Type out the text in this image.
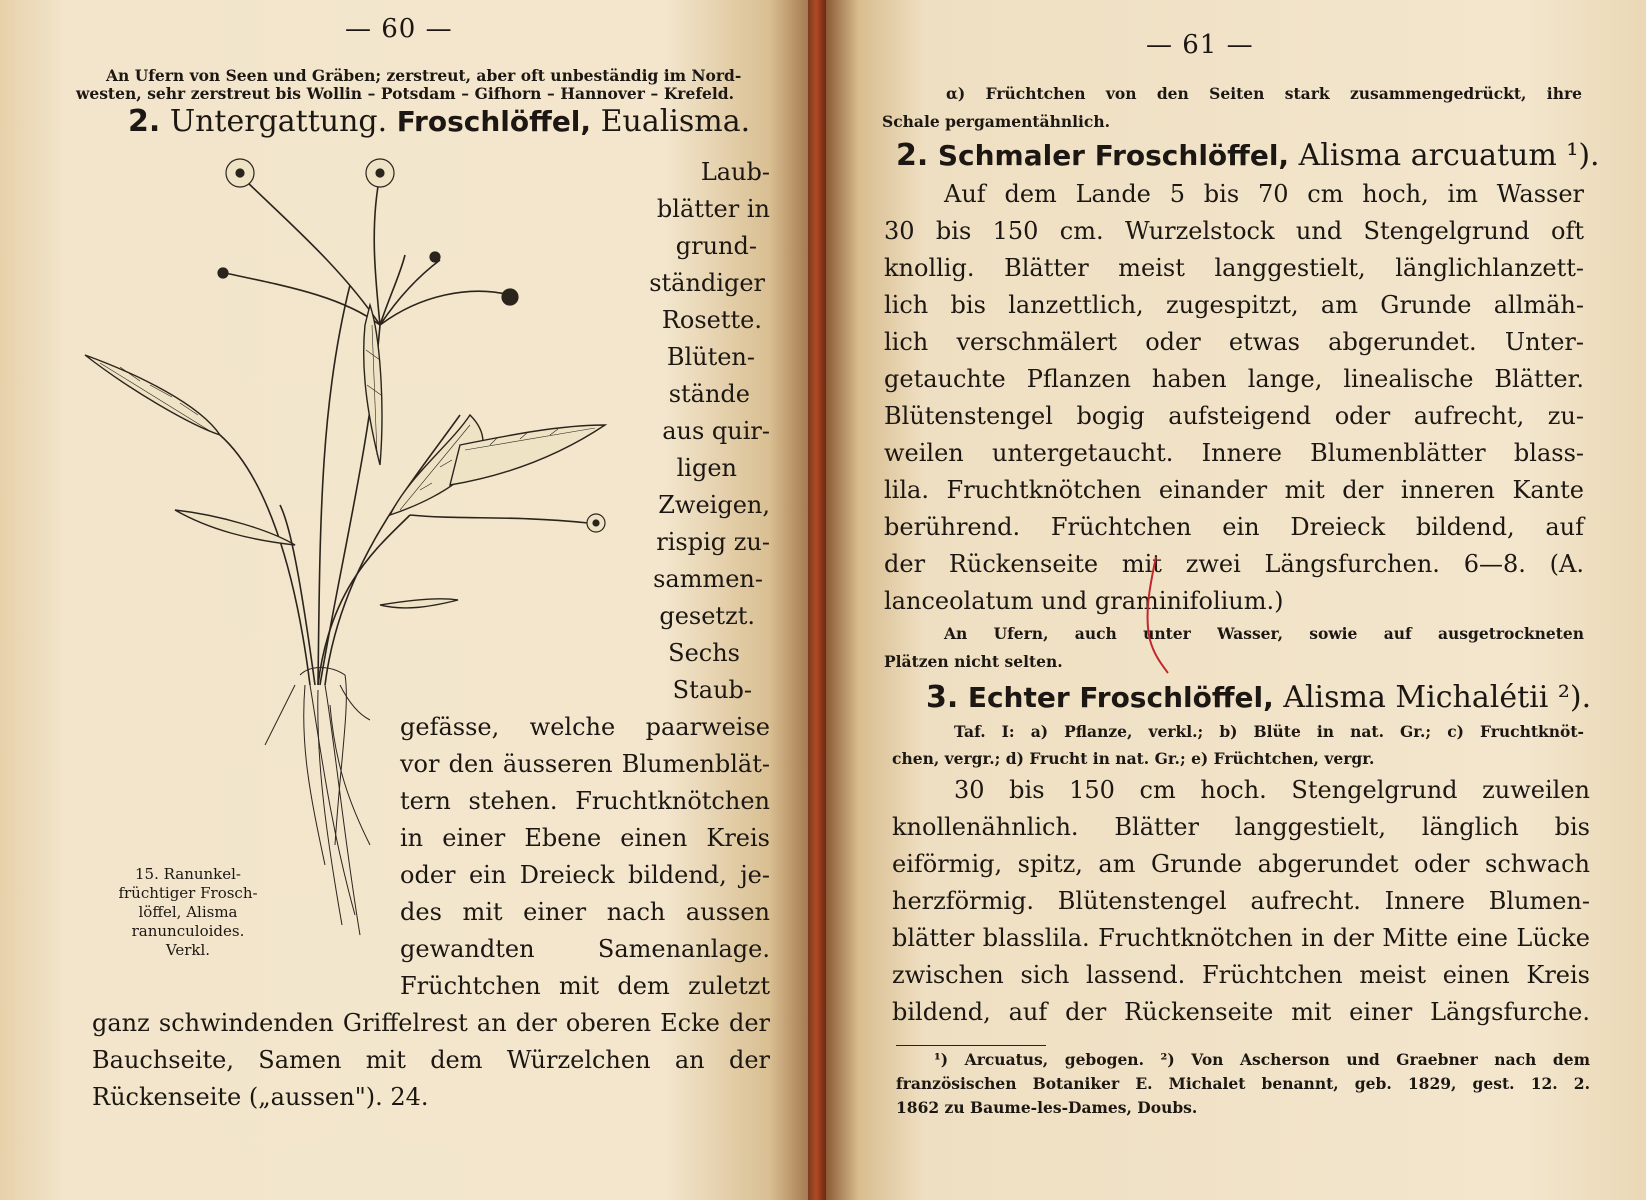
— 60 —
An Ufern von Seen und Gräben; zerstreut, aber oft unbeständig im Nord-
westen, sehr zerstreut bis Wollin – Potsdam – Gifhorn – Hannover – Krefeld.
2. Untergattung. Froschlöffel, Eualisma.
15. Ranunkel-
früchtiger Frosch-
löffel, Alisma
ranunculoides.
Verkl.
Laub-
blätter in
grund-
ständiger
Rosette.
Blüten-
stände
aus quir-
ligen
Zweigen,
rispig zu-
sammen-
gesetzt.
Sechs
Staub-
gefässe, welche paarweise
vor den äusseren Blumenblät-
tern stehen. Fruchtknötchen
in einer Ebene einen Kreis
oder ein Dreieck bildend, je-
des mit einer nach aussen
gewandten Samenanlage.
Früchtchen mit dem zuletzt
ganz schwindenden Griffelrest an der oberen Ecke der
Bauchseite, Samen mit dem Würzelchen an der
Rückenseite („aussen"). 24.
— 61 —
α) Früchtchen von den Seiten stark zusammengedrückt, ihre
Schale pergamentähnlich.
2. Schmaler Froschlöffel, Alisma arcuatum ¹).
Auf dem Lande 5 bis 70 cm hoch, im Wasser
30 bis 150 cm. Wurzelstock und Stengelgrund oft
knollig. Blätter meist langgestielt, länglichlanzett-
lich bis lanzettlich, zugespitzt, am Grunde allmäh-
lich verschmälert oder etwas abgerundet. Unter-
getauchte Pflanzen haben lange, linealische Blätter.
Blütenstengel bogig aufsteigend oder aufrecht, zu-
weilen untergetaucht. Innere Blumenblätter blass-
lila. Fruchtknötchen einander mit der inneren Kante
berührend. Früchtchen ein Dreieck bildend, auf
der Rückenseite mit zwei Längsfurchen. 6—8. (A.
lanceolatum und graminifolium.)
An Ufern, auch unter Wasser, sowie auf ausgetrockneten
Plätzen nicht selten.
3. Echter Froschlöffel, Alisma Michalétii ²).
Taf. I: a) Pflanze, verkl.; b) Blüte in nat. Gr.; c) Fruchtknöt-
chen, vergr.; d) Frucht in nat. Gr.; e) Früchtchen, vergr.
30 bis 150 cm hoch. Stengelgrund zuweilen
knollenähnlich. Blätter langgestielt, länglich bis
eiförmig, spitz, am Grunde abgerundet oder schwach
herzförmig. Blütenstengel aufrecht. Innere Blumen-
blätter blasslila. Fruchtknötchen in der Mitte eine Lücke
zwischen sich lassend. Früchtchen meist einen Kreis
bildend, auf der Rückenseite mit einer Längsfurche.
¹) Arcuatus, gebogen. ²) Von Ascherson und Graebner nach dem
französischen Botaniker E. Michalet benannt, geb. 1829, gest. 12. 2.
1862 zu Baume-les-Dames, Doubs.
